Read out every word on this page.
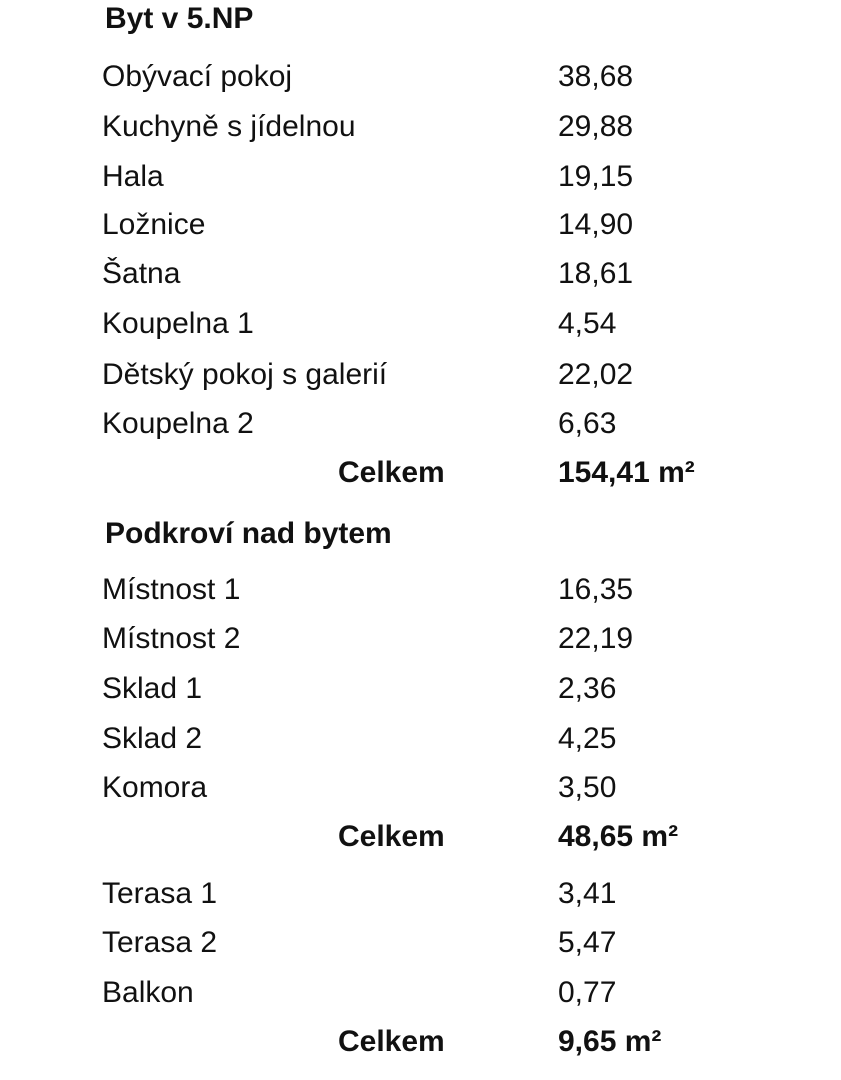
Byt v 5.NP
Obývací pokoj	38,68
Kuchyně s jídelnou	29,88
Hala	19,15
Ložnice	14,90
Šatna	18,61
Koupelna 1	4,54
Dětský pokoj s galerií	22,02
Koupelna 2	6,63
Celkem	154,41 m²
Podkroví nad bytem
Místnost 1	16,35
Místnost 2	22,19
Sklad 1	2,36
Sklad 2	4,25
Komora	3,50
Celkem	48,65 m²
Terasa 1	3,41
Terasa 2	5,47
Balkon	0,77
Celkem	9,65 m²
